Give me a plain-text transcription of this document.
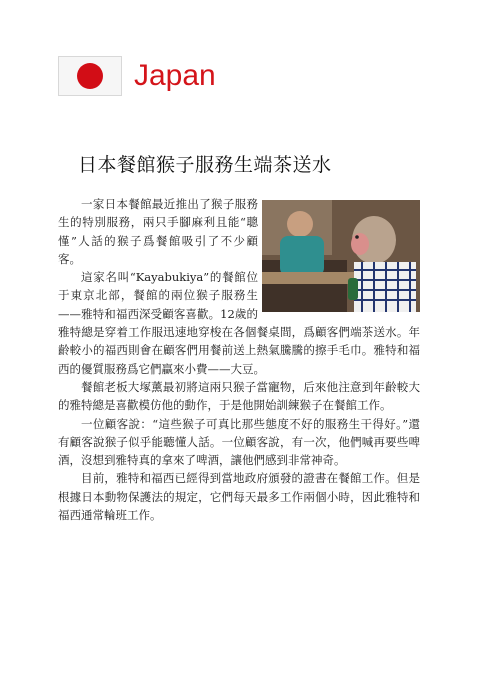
Japan
日本餐館猴子服務生端茶送水

一家日本餐館最近推出了猴子服務生的特別服務，兩只手腳麻利且能“聰慬”人話的猴子爲餐館吸引了不少顧客。

這家名叫“Kayabukiya”的餐館位于東京北部，餐館的兩位猴子服務生——雅特和福西深受顧客喜歡。12歲的雅特總是穿着工作服迅速地穿梭在各個餐桌間，爲顧客們端茶送水。年齡較小的福西則會在顧客們用餐前送上熱氣騰騰的擦手毛巾。雅特和福西的優質服務爲它們贏來小費——大豆。

餐館老板大塚薰最初將這兩只猴子當寵物，后來他注意到年齡較大的雅特總是喜歡模仿他的動作，于是他開始訓練猴子在餐館工作。

一位顧客說：“這些猴子可真比那些態度不好的服務生干得好。”還有顧客說猴子似乎能聽懂人話。一位顧客說，有一次，他們喊再要些啤酒，沒想到雅特真的拿來了啤酒，讓他們感到非常神奇。

目前，雅特和福西已經得到當地政府頒發的證書在餐館工作。但是根據日本動物保護法的規定，它們每天最多工作兩個小時，因此雅特和福西通常輪班工作。
